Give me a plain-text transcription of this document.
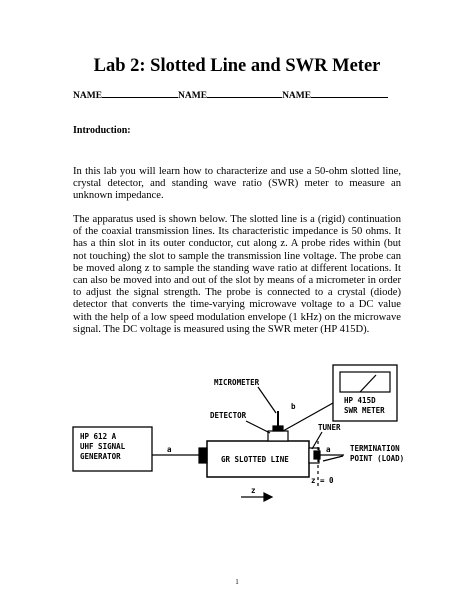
Lab 2: Slotted Line and SWR Meter
NAME	NAME	NAME
Introduction:

In this lab you will learn how to characterize and use a 50-ohm slotted line, crystal detector, and standing wave ratio (SWR) meter to measure an unknown impedance.

The apparatus used is shown below. The slotted line is a (rigid) continuation of the coaxial transmission lines. Its characteristic impedance is 50 ohms. It has a thin slot in its outer conductor, cut along z. A probe rides within (but not touching) the slot to sample the transmission line voltage. The probe can be moved along z to sample the standing wave ratio at different locations. It can also be moved into and out of the slot by means of a micrometer in order to adjust the signal strength. The probe is connected to a crystal (diode) detector that converts the time-varying microwave voltage to a DC value with the help of a low speed modulation envelope (1 kHz) on the microwave signal. The DC voltage is measured using the SWR meter (HP 415D).

HP 612 A
UHF SIGNAL
GENERATOR	GR SLOTTED LINE
HP 415D
SWR METER
MICROMETER
DETECTOR
TUNER
TERMINATION
POINT (LOAD)
a	a
b
z = 0
z
1
